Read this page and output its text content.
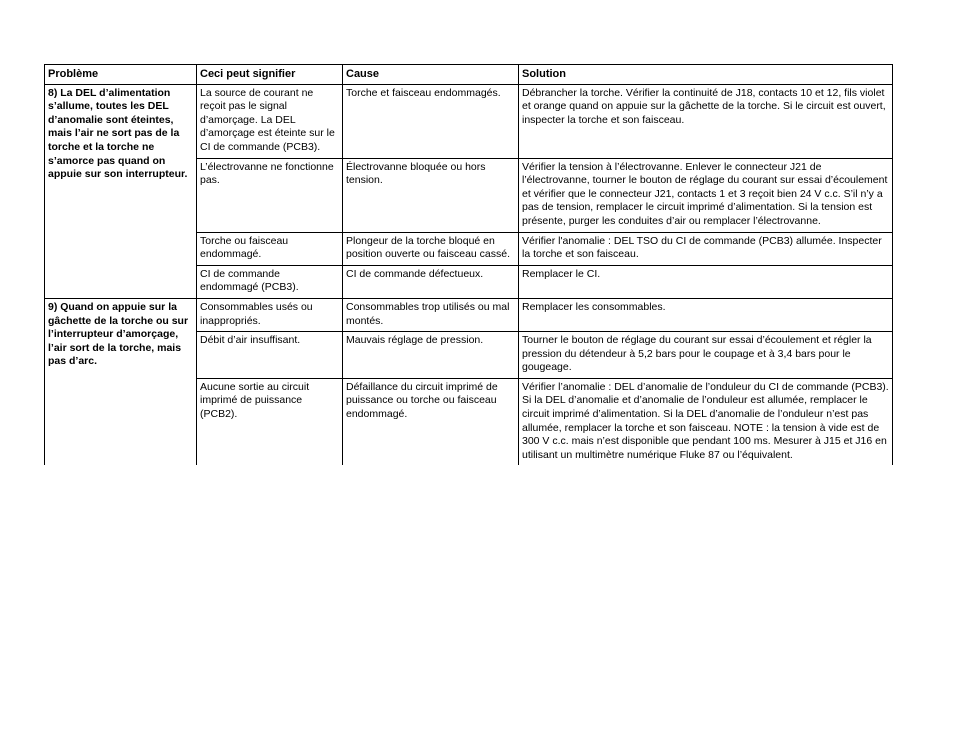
Problème	Ceci peut signifier	Cause	Solution
8) La DEL d’alimentation s’allume, toutes les DEL d’anomalie sont éteintes, mais l’air ne sort pas de la torche et la torche ne s’amorce pas quand on appuie sur son interrupteur.	La source de courant ne reçoit pas le signal d’amorçage. La DEL d’amorçage est éteinte sur le CI de commande (PCB3).	Torche et faisceau endommagés.	Débrancher la torche. Vérifier la continuité de J18, contacts 10 et 12, fils violet et orange quand on appuie sur la gâchette de la torche. Si le circuit est ouvert, inspecter la torche et son faisceau.
	L’électrovanne ne fonctionne pas.	Électrovanne bloquée ou hors tension.	Vérifier la tension à l’électrovanne. Enlever le connecteur J21 de l’électrovanne, tourner le bouton de réglage du courant sur essai d’écoulement et vérifier que le connecteur J21, contacts 1 et 3 reçoit bien 24 V c.c. S’il n’y a pas de tension, remplacer le circuit imprimé d’alimentation. Si la tension est présente, purger les conduites d’air ou remplacer l’électrovanne.
	Torche ou faisceau endommagé.	Plongeur de la torche bloqué en position ouverte ou faisceau cassé.	Vérifier l'anomalie : DEL TSO du CI de commande (PCB3) allumée. Inspecter la torche et son faisceau.
	CI de commande endommagé (PCB3).	CI de commande défectueux.	Remplacer le CI.
9) Quand on appuie sur la gâchette de la torche ou sur l’interrupteur d’amorçage, l’air sort de la torche, mais pas d’arc.	Consommables usés ou inappropriés.	Consommables trop utilisés ou mal montés.	Remplacer les consommables.
	Débit d’air insuffisant.	Mauvais réglage de pression.	Tourner le bouton de réglage du courant sur essai d’écoulement et régler la pression du détendeur à 5,2 bars pour le coupage et à 3,4 bars pour le gougeage.
	Aucune sortie au circuit imprimé de puissance (PCB2).	Défaillance du circuit imprimé de puissance ou torche ou faisceau endommagé.	Vérifier l’anomalie : DEL d’anomalie de l’onduleur du CI de commande (PCB3). Si la DEL d’anomalie et d’anomalie de l’onduleur est allumée, remplacer le circuit imprimé d’alimentation. Si la DEL d’anomalie de l’onduleur n’est pas allumée, remplacer la torche et son faisceau. NOTE : la tension à vide est de 300 V c.c. mais n’est disponible que pendant 100 ms. Mesurer à J15 et J16 en utilisant un multimètre numérique Fluke 87 ou l’équivalent.
